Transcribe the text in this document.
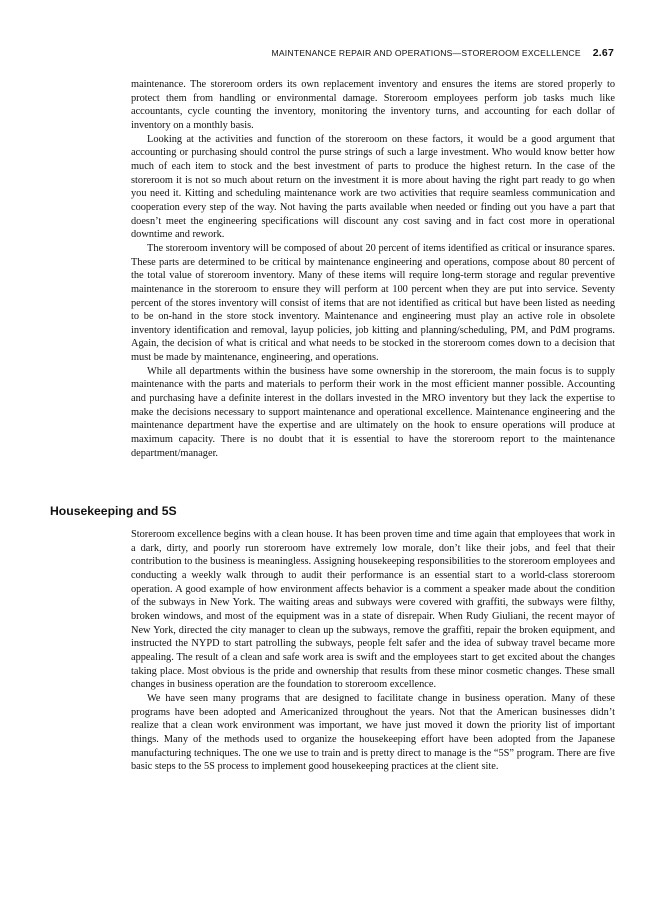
MAINTENANCE REPAIR AND OPERATIONS—STOREROOM EXCELLENCE 2.67

maintenance. The storeroom orders its own replacement inventory and ensures the items are stored properly to protect them from handling or environmental damage. Storeroom employees perform job tasks much like accountants, cycle counting the inventory, monitoring the inventory turns, and accounting for each dollar of inventory on a monthly basis.

Looking at the activities and function of the storeroom on these factors, it would be a good argument that accounting or purchasing should control the purse strings of such a large investment. Who would know better how much of each item to stock and the best investment of parts to produce the highest return. In the case of the storeroom it is not so much about return on the investment it is more about having the right part ready to go when you need it. Kitting and scheduling maintenance work are two activities that require seamless communication and cooperation every step of the way. Not having the parts available when needed or finding out you have a part that doesn’t meet the engineering specifications will discount any cost saving and in fact cost more in operational downtime and rework.

The storeroom inventory will be composed of about 20 percent of items identified as critical or insurance spares. These parts are determined to be critical by maintenance engineering and operations, compose about 80 percent of the total value of storeroom inventory. Many of these items will require long-term storage and regular preventive maintenance in the storeroom to ensure they will perform at 100 percent when they are put into service. Seventy percent of the stores inventory will consist of items that are not identified as critical but have been listed as needing to be on-hand in the store stock inventory. Maintenance and engineering must play an active role in obsolete inventory identification and removal, layup policies, job kitting and planning/scheduling, PM, and PdM programs. Again, the decision of what is critical and what needs to be stocked in the storeroom comes down to a decision that must be made by maintenance, engineering, and operations.

While all departments within the business have some ownership in the storeroom, the main focus is to supply maintenance with the parts and materials to perform their work in the most efficient manner possible. Accounting and purchasing have a definite interest in the dollars invested in the MRO inventory but they lack the expertise to make the decisions necessary to support maintenance and operational excellence. Maintenance engineering and the maintenance department have the expertise and are ultimately on the hook to ensure operations will produce at maximum capacity. There is no doubt that it is essential to have the storeroom report to the maintenance department/manager.

Housekeeping and 5S

Storeroom excellence begins with a clean house. It has been proven time and time again that employees that work in a dark, dirty, and poorly run storeroom have extremely low morale, don’t like their jobs, and feel that their contribution to the business is meaningless. Assigning housekeeping responsibilities to the storeroom employees and conducting a weekly walk through to audit their performance is an essential start to a world-class storeroom operation. A good example of how environment affects behavior is a comment a speaker made about the condition of the subways in New York. The waiting areas and subways were covered with graffiti, the subways were filthy, broken windows, and most of the equipment was in a state of disrepair. When Rudy Giuliani, the recent mayor of New York, directed the city manager to clean up the subways, remove the graffiti, repair the broken equipment, and instructed the NYPD to start patrolling the subways, people felt safer and the idea of subway travel became more appealing. The result of a clean and safe work area is swift and the employees start to get excited about the changes taking place. Most obvious is the pride and ownership that results from these minor cosmetic changes. These small changes in business operation are the foundation to storeroom excellence.

We have seen many programs that are designed to facilitate change in business operation. Many of these programs have been adopted and Americanized throughout the years. Not that the American businesses didn’t realize that a clean work environment was important, we have just moved it down the priority list of important things. Many of the methods used to organize the housekeeping effort have been adopted from the Japanese manufacturing techniques. The one we use to train and is pretty direct to manage is the “5S” program. There are five basic steps to the 5S process to implement good housekeeping practices at the client site.
